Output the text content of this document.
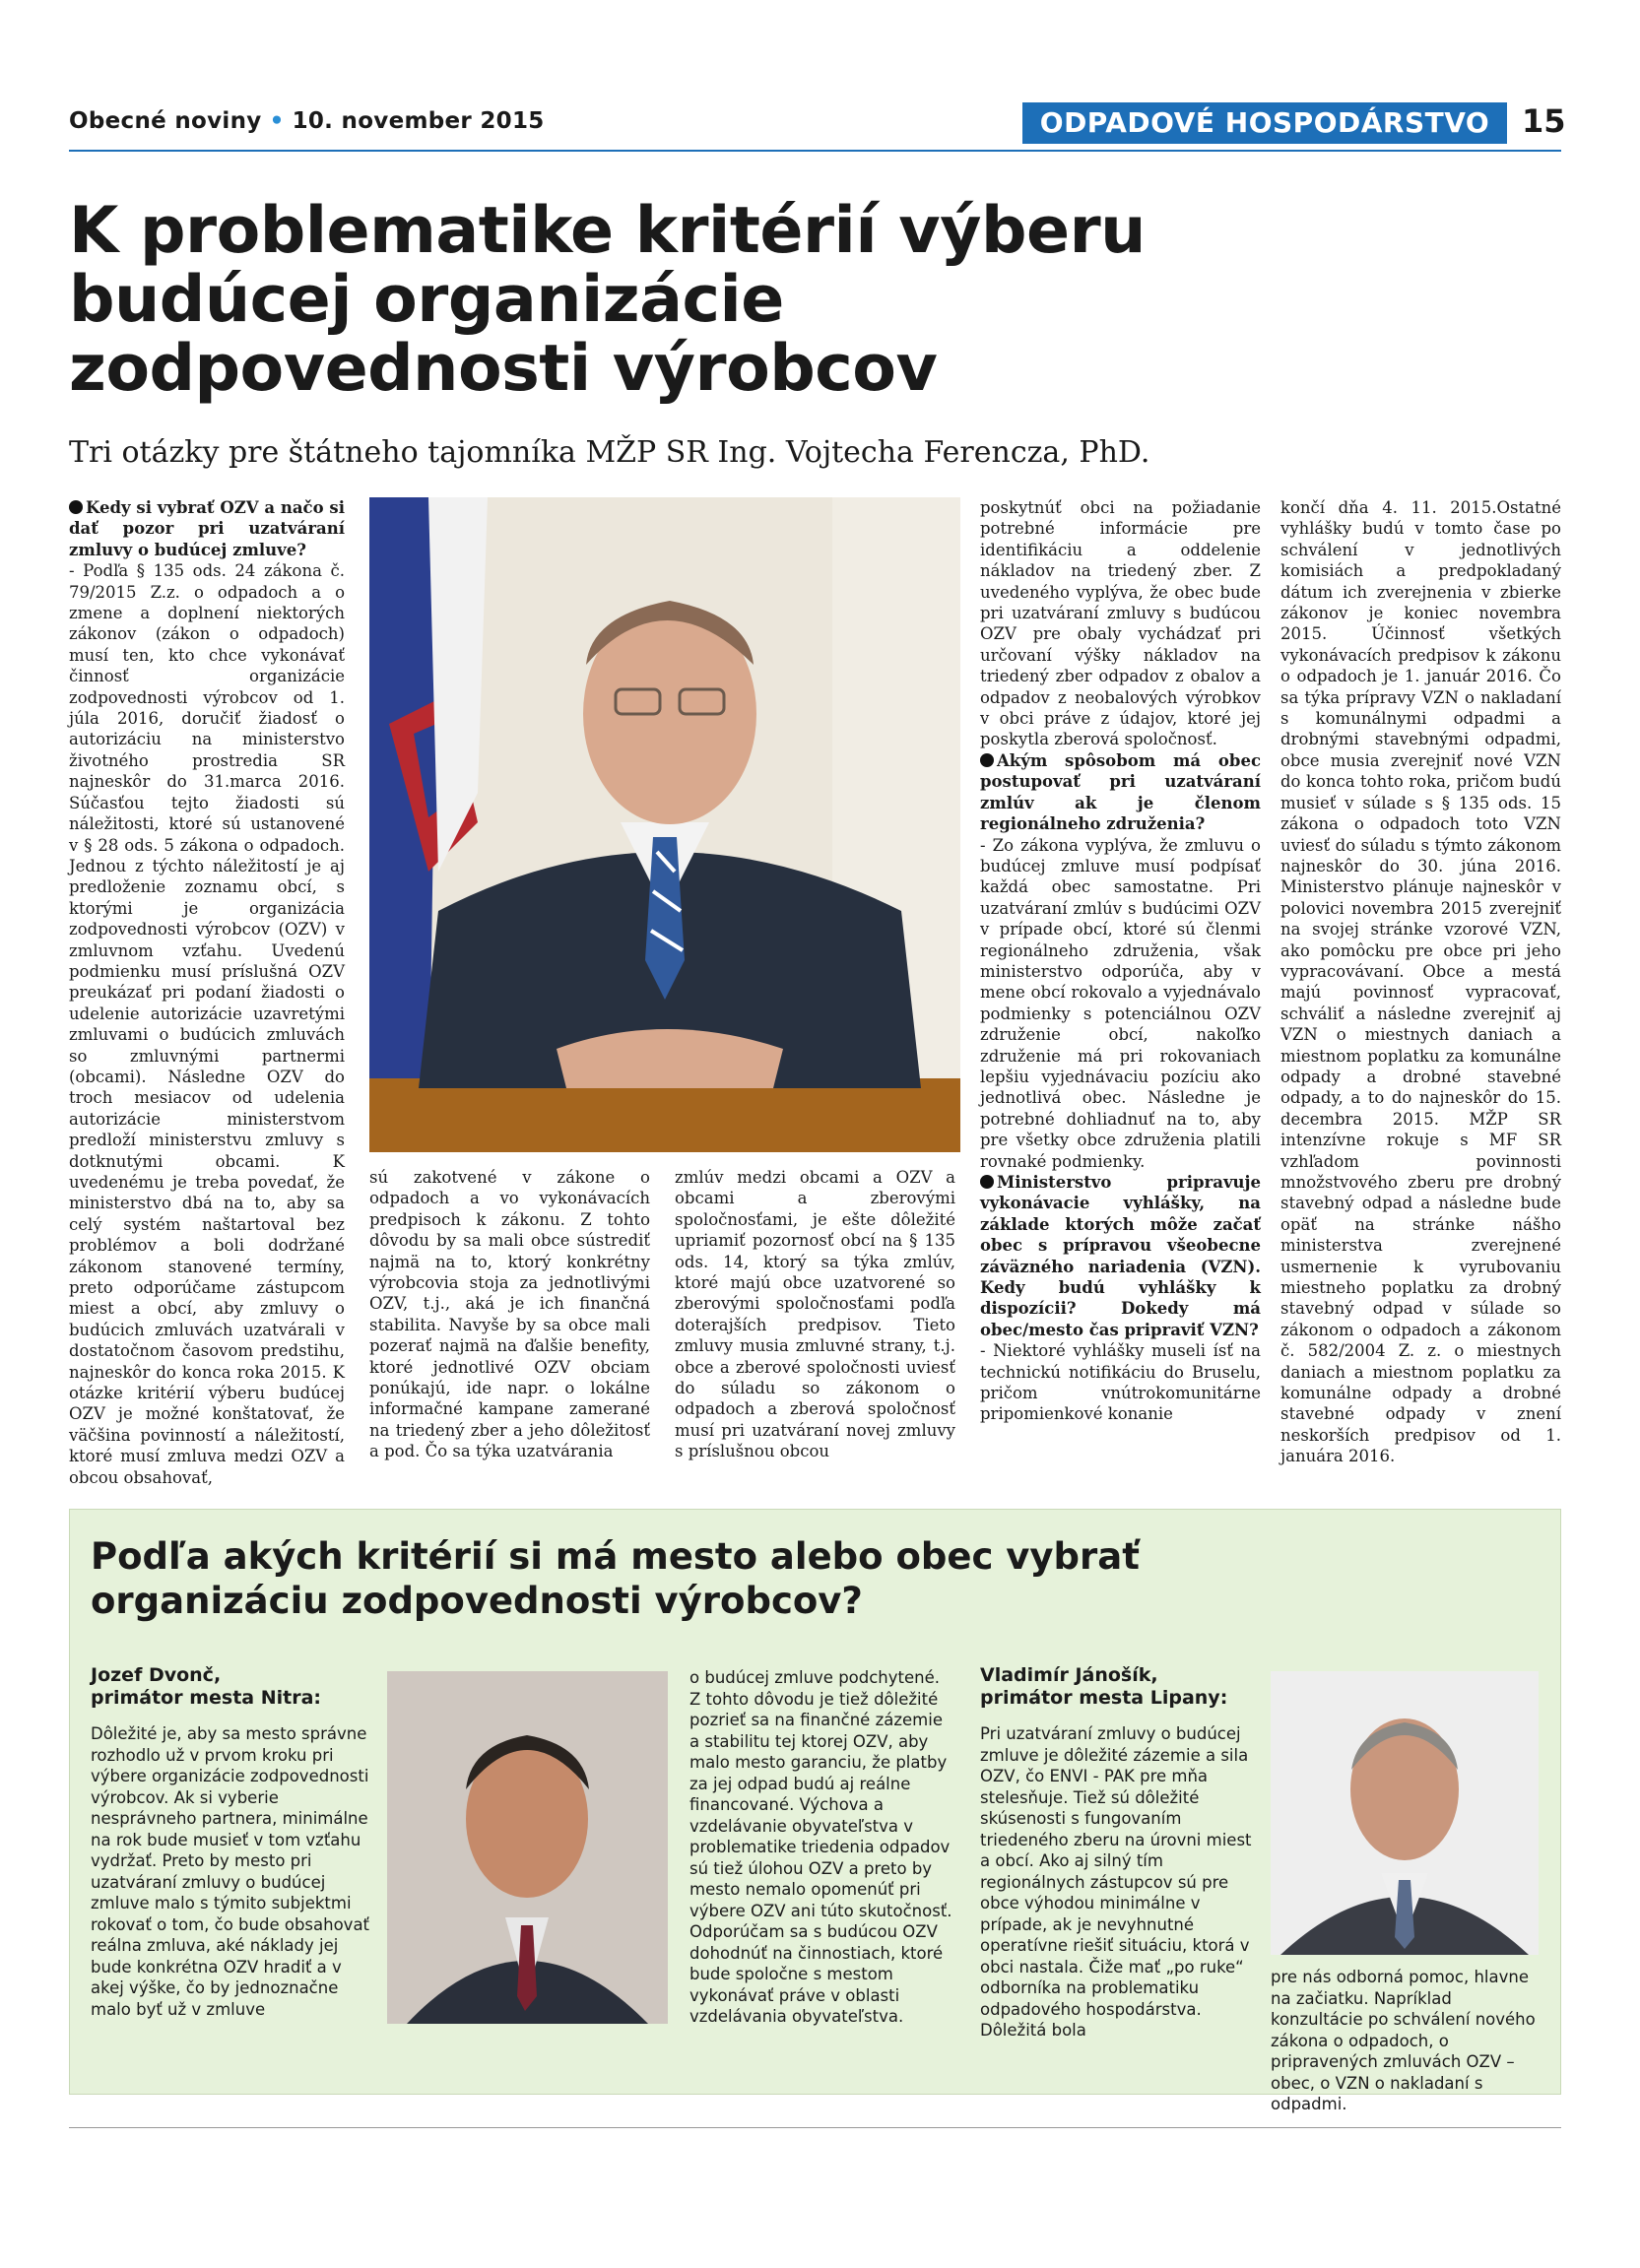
Obecné noviny • 10. november 2015	ODPADOVÉ HOSPODÁRSTVO	15
K problematike kritérií výberu budúcej organizácie zodpovednosti výrobcov
Tri otázky pre štátneho tajomníka MŽP SR Ing. Vojtecha Ferencza, PhD.

Kedy si vybrať OZV a načo si dať pozor pri uzatváraní zmluvy o budúcej zmluve?

- Podľa § 135 ods. 24 zákona č. 79/2015 Z.z. o odpadoch a o zmene a doplnení niektorých zákonov (zákon o odpadoch) musí ten, kto chce vykonávať činnosť organizácie zodpovednosti výrobcov od 1. júla 2016, doručiť žiadosť o autorizáciu na ministerstvo životného prostredia SR najneskôr do 31.marca 2016. Súčasťou tejto žiadosti sú náležitosti, ktoré sú ustanovené v § 28 ods. 5 zákona o odpadoch. Jednou z týchto náležitostí je aj predloženie zoznamu obcí, s ktorými je organizácia zodpovednosti výrobcov (OZV) v zmluvnom vzťahu. Uvedenú podmienku musí príslušná OZV preukázať pri podaní žiadosti o udelenie autorizácie uzavretými zmluvami o budúcich zmluvách so zmluvnými partnermi (obcami). Následne OZV do troch mesiacov od udelenia autorizácie ministerstvom predloží ministerstvu zmluvy s dotknutými obcami. K uvedenému je treba povedať, že ministerstvo dbá na to, aby sa celý systém naštartoval bez problémov a boli dodržané zákonom stanovené termíny, preto odporúčame zástupcom miest a obcí, aby zmluvy o budúcich zmluvách uzatvárali v dostatočnom časovom predstihu, najneskôr do konca roka 2015. K otázke kritérií výberu budúcej OZV je možné konštatovať, že väčšina povinností a náležitostí, ktoré musí zmluva medzi OZV a obcou obsahovať,

sú zakotvené v zákone o odpadoch a vo vykonávacích predpisoch k zákonu. Z tohto dôvodu by sa mali obce sústrediť najmä na to, ktorý konkrétny výrobcovia stoja za jednotlivými OZV, t.j., aká je ich finančná stabilita. Navyše by sa obce mali pozerať najmä na ďalšie benefity, ktoré jednotlivé OZV obciam ponúkajú, ide napr. o lokálne informačné kampane zamerané na triedený zber a jeho dôležitosť a pod. Čo sa týka uzatvárania

zmlúv medzi obcami a OZV a obcami a zberovými spoločnosťami, je ešte dôležité upriamiť pozornosť obcí na § 135 ods. 14, ktorý sa týka zmlúv, ktoré majú obce uzatvorené so zberovými spoločnosťami podľa doterajších predpisov. Tieto zmluvy musia zmluvné strany, t.j. obce a zberové spoločnosti uviesť do súladu so zákonom o odpadoch a zberová spoločnosť musí pri uzatváraní novej zmluvy s príslušnou obcou

poskytnúť obci na požiadanie potrebné informácie pre identifikáciu a oddelenie nákladov na triedený zber. Z uvedeného vyplýva, že obec bude pri uzatváraní zmluvy s budúcou OZV pre obaly vychádzať pri určovaní výšky nákladov na triedený zber odpadov z obalov a odpadov z neobalových výrobkov v obci práve z údajov, ktoré jej poskytla zberová spoločnosť.

Akým spôsobom má obec postupovať pri uzatváraní zmlúv ak je členom regionálneho združenia?

- Zo zákona vyplýva, že zmluvu o budúcej zmluve musí podpísať každá obec samostatne. Pri uzatváraní zmlúv s budúcimi OZV v prípade obcí, ktoré sú členmi regionálneho združenia, však ministerstvo odporúča, aby v mene obcí rokovalo a vyjednávalo podmienky s potenciálnou OZV združenie obcí, nakoľko združenie má pri rokovaniach lepšiu vyjednávaciu pozíciu ako jednotlivá obec. Následne je potrebné dohliadnuť na to, aby pre všetky obce združenia platili rovnaké podmienky.

Ministerstvo pripravuje vykonávacie vyhlášky, na základe ktorých môže začať obec s prípravou všeobecne záväzného nariadenia (VZN). Kedy budú vyhlášky k dispozícii? Dokedy má obec/mesto čas pripraviť VZN?

- Niektoré vyhlášky museli ísť na technickú notifikáciu do Bruselu, pričom vnútrokomunitárne pripomienkové konanie

končí dňa 4. 11. 2015.Ostatné vyhlášky budú v tomto čase po schválení v jednotlivých komisiách a predpokladaný dátum ich zverejnenia v zbierke zákonov je koniec novembra 2015. Účinnosť všetkých vykonávacích predpisov k zákonu o odpadoch je 1. január 2016. Čo sa týka prípravy VZN o nakladaní s komunálnymi odpadmi a drobnými stavebnými odpadmi, obce musia zverejniť nové VZN do konca tohto roka, pričom budú musieť v súlade s § 135 ods. 15 zákona o odpadoch toto VZN uviesť do súladu s týmto zákonom najneskôr do 30. júna 2016. Ministerstvo plánuje najneskôr v polovici novembra 2015 zverejniť na svojej stránke vzorové VZN, ako pomôcku pre obce pri jeho vypracovávaní. Obce a mestá majú povinnosť vypracovať, schváliť a následne zverejniť aj VZN o miestnych daniach a miestnom poplatku za komunálne odpady a drobné stavebné odpady, a to do najneskôr do 15. decembra 2015. MŽP SR intenzívne rokuje s MF SR vzhľadom povinnosti množstvového zberu pre drobný stavebný odpad a následne bude opäť na stránke nášho ministerstva zverejnené usmernenie k vyrubovaniu miestneho poplatku za drobný stavebný odpad v súlade so zákonom o odpadoch a zákonom č. 582/2004 Z. z. o miestnych daniach a miestnom poplatku za komunálne odpady a drobné stavebné odpady v znení neskorších predpisov od 1. januára 2016.

Podľa akých kritérií si má mesto alebo obec vybrať organizáciu zodpovednosti výrobcov?
Jozef Dvonč,
primátor mesta Nitra:
Dôležité je, aby sa mesto správne rozhodlo už v prvom kroku pri výbere organizácie zodpovednosti výrobcov. Ak si vyberie nesprávneho partnera, minimálne na rok bude musieť v tom vzťahu vydržať. Preto by mesto pri uzatváraní zmluvy o budúcej zmluve malo s týmito subjektmi rokovať o tom, čo bude obsahovať reálna zmluva, aké náklady jej bude konkrétna OZV hradiť a v akej výške, čo by jednoznačne malo byť už v zmluve
o budúcej zmluve podchytené. Z tohto dôvodu je tiež dôležité pozrieť sa na finančné zázemie a stabilitu tej ktorej OZV, aby malo mesto garanciu, že platby za jej odpad budú aj reálne financované. Výchova a vzdelávanie obyvateľstva v problematike triedenia odpadov sú tiež úlohou OZV a preto by mesto nemalo opomenúť pri výbere OZV ani túto skutočnosť. Odporúčam sa s budúcou OZV dohodnúť na činnostiach, ktoré bude spoločne s mestom vykonávať práve v oblasti vzdelávania obyvateľstva.
Vladimír Jánošík,
primátor mesta Lipany:
Pri uzatváraní zmluvy o budúcej zmluve je dôležité zázemie a sila OZV, čo ENVI - PAK pre mňa stelesňuje. Tiež sú dôležité skúsenosti s fungovaním triedeného zberu na úrovni miest a obcí. Ako aj silný tím regionálnych zástupcov sú pre obce výhodou minimálne v prípade, ak je nevyhnutné operatívne riešiť situáciu, ktorá v obci nastala. Čiže mať „po ruke“ odborníka na problematiku odpadového hospodárstva. Dôležitá bola
pre nás odborná pomoc, hlavne na začiatku. Napríklad konzultácie po schválení nového zákona o odpadoch, o pripravených zmluvách OZV – obec, o VZN o nakladaní s odpadmi.
